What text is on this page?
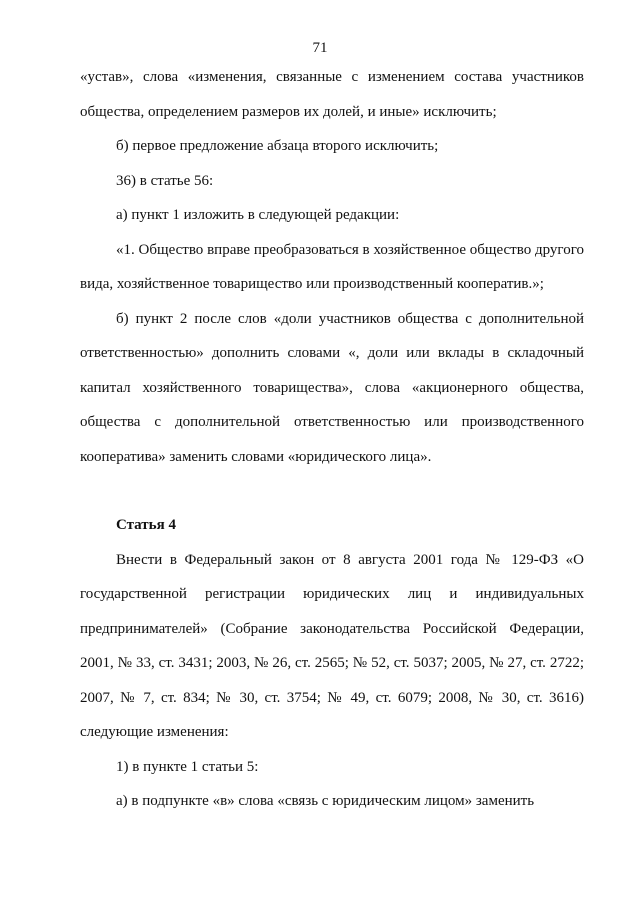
71

«устав», слова «изменения, связанные с изменением состава участников общества, определением размеров их долей, и иные» исключить;

б) первое предложение абзаца второго исключить;

36) в статье 56:

а) пункт 1 изложить в следующей редакции:

«1. Общество вправе преобразоваться в хозяйственное общество другого вида, хозяйственное товарищество или производственный кооператив.»;

б) пункт 2 после слов «доли участников общества с дополнительной ответственностью» дополнить словами «, доли или вклады в складочный капитал хозяйственного товарищества», слова «акционерного общества, общества с дополнительной ответственностью или производственного кооператива» заменить словами «юридического лица».

Статья 4

Внести в Федеральный закон от 8 августа 2001 года № 129-ФЗ «О государственной регистрации юридических лиц и индивидуальных предпринимателей» (Собрание законодательства Российской Федерации, 2001, № 33, ст. 3431; 2003, № 26, ст. 2565; № 52, ст. 5037; 2005, № 27, ст. 2722; 2007, № 7, ст. 834; № 30, ст. 3754; № 49, ст. 6079; 2008, № 30, ст. 3616) следующие изменения:

1) в пункте 1 статьи 5:

а) в подпункте «в» слова «связь с юридическим лицом» заменить
